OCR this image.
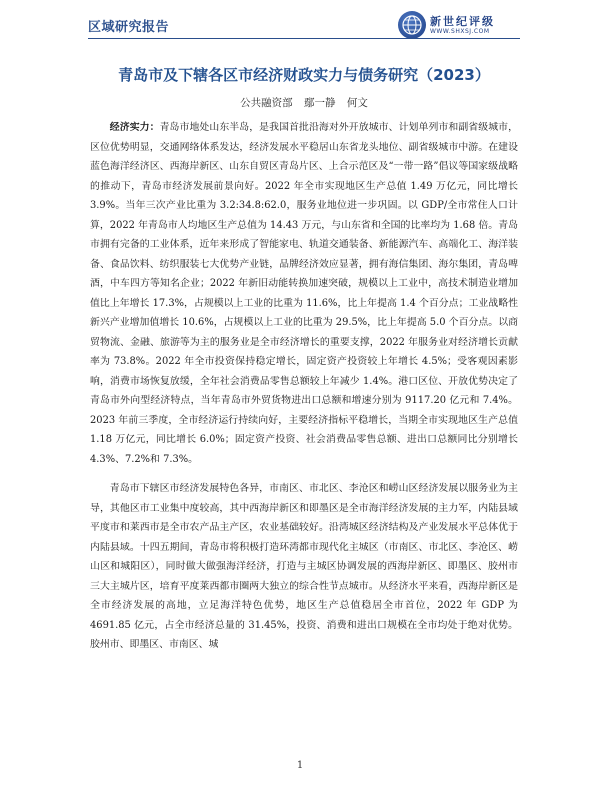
区域研究报告	新世纪评级
WWW.SHXSJ.COM
青岛市及下辖各区市经济财政实力与债务研究（2023）
公共融资部 鄢一静 何文

经济实力：青岛市地处山东半岛，是我国首批沿海对外开放城市、计划单列市和副省级城市，区位优势明显，交通网络体系发达，经济发展水平稳居山东省龙头地位、副省级城市中游。在建设蓝色海洋经济区、西海岸新区、山东自贸区青岛片区、上合示范区及“一带一路”倡议等国家级战略的推动下，青岛市经济发展前景向好。2022 年全市实现地区生产总值 1.49 万亿元，同比增长 3.9%。当年三次产业比重为 3.2:34.8:62.0，服务业地位进一步巩固。以 GDP/全市常住人口计算，2022 年青岛市人均地区生产总值为 14.43 万元，与山东省和全国的比率均为 1.68 倍。青岛市拥有完备的工业体系，近年来形成了智能家电、轨道交通装备、新能源汽车、高端化工、海洋装备、食品饮料、纺织服装七大优势产业链，品牌经济效应显著，拥有海信集团、海尔集团，青岛啤酒，中车四方等知名企业；2022 年新旧动能转换加速突破，规模以上工业中，高技术制造业增加值比上年增长 17.3%，占规模以上工业的比重为 11.6%，比上年提高 1.4 个百分点；工业战略性新兴产业增加值增长 10.6%，占规模以上工业的比重为 29.5%，比上年提高 5.0 个百分点。以商贸物流、金融、旅游等为主的服务业是全市经济增长的重要支撑，2022 年服务业对经济增长贡献率为 73.8%。2022 年全市投资保持稳定增长，固定资产投资较上年增长 4.5%；受客观因素影响，消费市场恢复放缓，全年社会消费品零售总额较上年减少 1.4%。港口区位、开放优势决定了青岛市外向型经济特点，当年青岛市外贸货物进出口总额和增速分别为 9117.20 亿元和 7.4%。2023 年前三季度，全市经济运行持续向好，主要经济指标平稳增长，当期全市实现地区生产总值 1.18 万亿元，同比增长 6.0%；固定资产投资、社会消费品零售总额、进出口总额同比分别增长 4.3%、7.2%和 7.3%。

青岛市下辖区市经济发展特色各异，市南区、市北区、李沧区和崂山区经济发展以服务业为主导，其他区市工业集中度较高，其中西海岸新区和即墨区是全市海洋经济发展的主力军，内陆县域平度市和莱西市是全市农产品主产区，农业基础较好。沿湾城区经济结构及产业发展水平总体优于内陆县域。十四五期间，青岛市将积极打造环湾都市现代化主城区（市南区、市北区、李沧区、崂山区和城阳区），同时做大做强海洋经济，打造与主城区协调发展的西海岸新区、即墨区、胶州市三大主城片区，培育平度莱西都市圈两大独立的综合性节点城市。从经济水平来看，西海岸新区是全市经济发展的高地，立足海洋特色优势，地区生产总值稳居全市首位，2022 年 GDP 为 4691.85 亿元，占全市经济总量的 31.45%，投资、消费和进出口规模在全市均处于绝对优势。胶州市、即墨区、市南区、城

1
